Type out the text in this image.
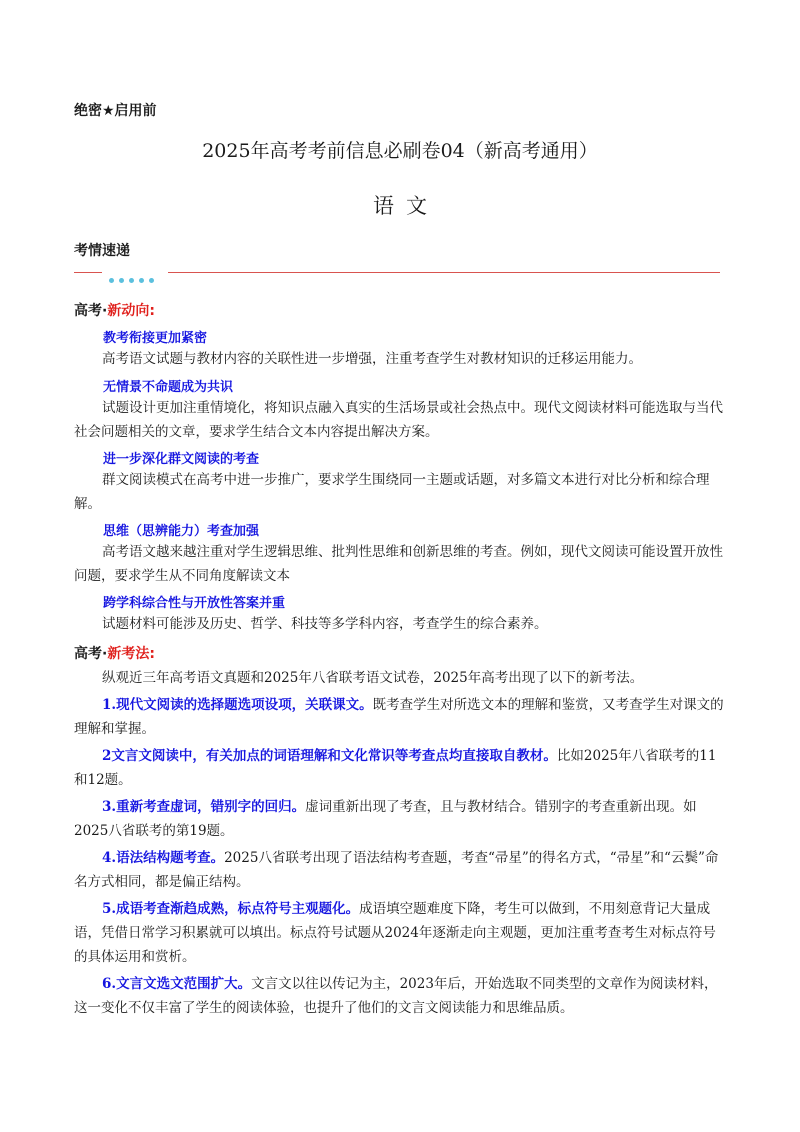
绝密★启用前
2025年高考考前信息必刷卷04（新高考通用）
语文
考情速递
高考·新动向:
教考衔接更加紧密
高考语文试题与教材内容的关联性进一步增强，注重考查学生对教材知识的迁移运用能力。
无情景不命题成为共识
试题设计更加注重情境化，将知识点融入真实的生活场景或社会热点中。现代文阅读材料可能选取与当代社会问题相关的文章，要求学生结合文本内容提出解决方案。
进一步深化群文阅读的考查
群文阅读模式在高考中进一步推广，要求学生围绕同一主题或话题，对多篇文本进行对比分析和综合理解。
思维（思辨能力）考查加强
高考语文越来越注重对学生逻辑思维、批判性思维和创新思维的考查。例如，现代文阅读可能设置开放性问题，要求学生从不同角度解读文本
跨学科综合性与开放性答案并重
试题材料可能涉及历史、哲学、科技等多学科内容，考查学生的综合素养。
高考·新考法:
纵观近三年高考语文真题和2025年八省联考语文试卷，2025年高考出现了以下的新考法。
1.现代文阅读的选择题选项设项，关联课文。既考查学生对所选文本的理解和鉴赏，又考查学生对课文的理解和掌握。
2文言文阅读中，有关加点的词语理解和文化常识等考查点均直接取自教材。比如2025年八省联考的11和12题。
3.重新考查虚词，错别字的回归。虚词重新出现了考查，且与教材结合。错别字的考查重新出现。如2025八省联考的第19题。
4.语法结构题考查。2025八省联考出现了语法结构考查题，考查“帚星”的得名方式，“帚星”和“云鬓”命名方式相同，都是偏正结构。
5.成语考查渐趋成熟，标点符号主观题化。成语填空题难度下降，考生可以做到，不用刻意背记大量成语，凭借日常学习积累就可以填出。标点符号试题从2024年逐渐走向主观题，更加注重考查考生对标点符号的具体运用和赏析。
6.文言文选文范围扩大。文言文以往以传记为主，2023年后，开始选取不同类型的文章作为阅读材料，这一变化不仅丰富了学生的阅读体验，也提升了他们的文言文阅读能力和思维品质。
